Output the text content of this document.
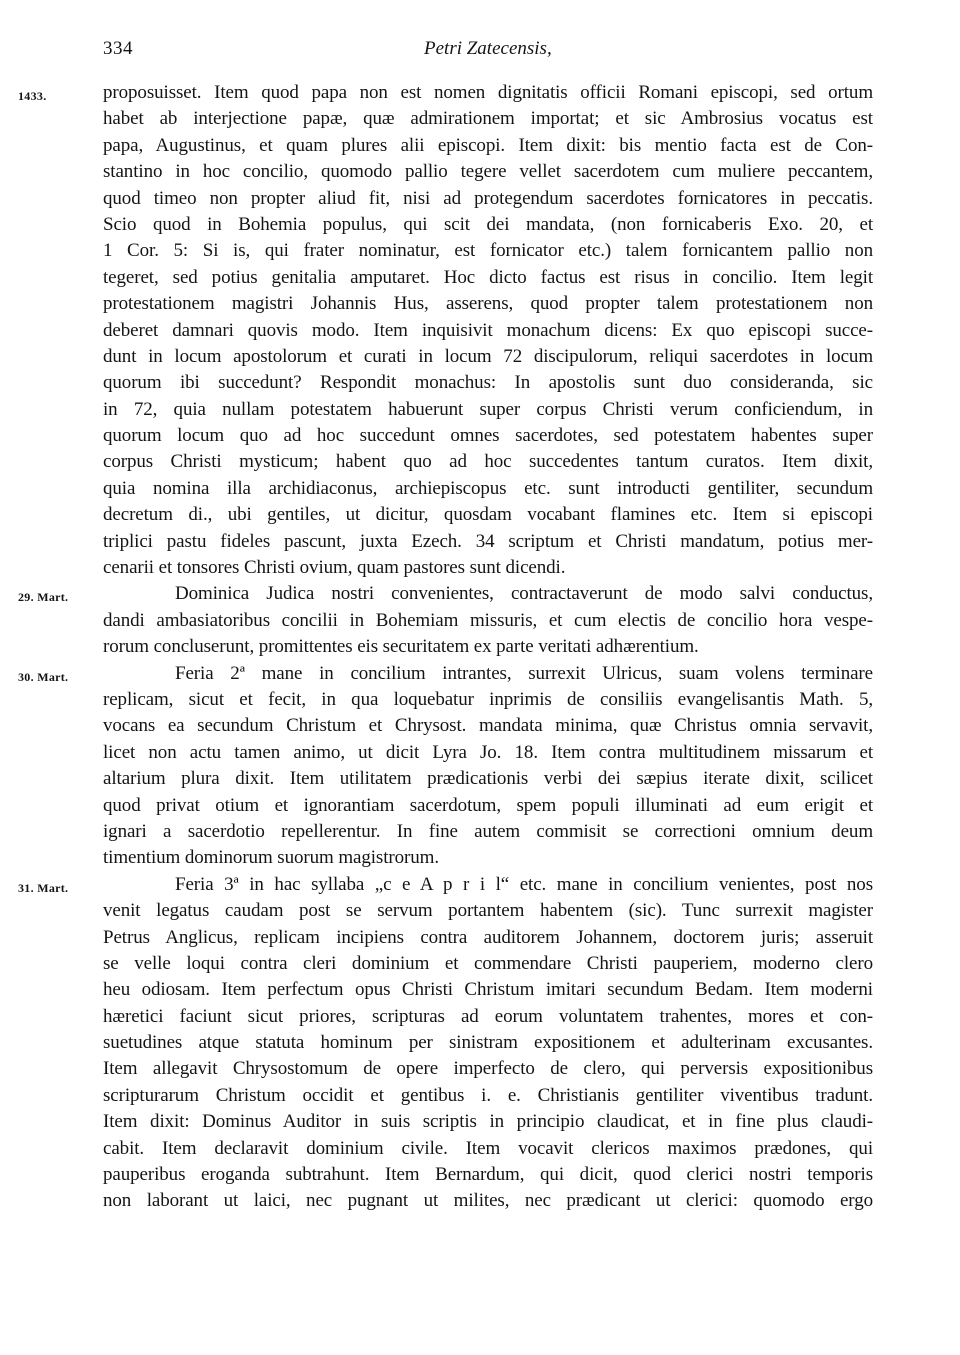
334	Petri Zatecensis,
1433.	proposuisset. Item quod papa non est nomen dignitatis officii Romani episcopi, sed ortum
habet ab interjectione papæ, quæ admirationem importat; et sic Ambrosius vocatus est
papa, Augustinus, et quam plures alii episcopi. Item dixit: bis mentio facta est de Con-
stantino in hoc concilio, quomodo pallio tegere vellet sacerdotem cum muliere peccantem,
quod timeo non propter aliud fit, nisi ad protegendum sacerdotes fornicatores in peccatis.
Scio quod in Bohemia populus, qui scit dei mandata, (non fornicaberis Exo. 20, et
1 Cor. 5: Si is, qui frater nominatur, est fornicator etc.) talem fornicantem pallio non
tegeret, sed potius genitalia amputaret. Hoc dicto factus est risus in concilio. Item legit
protestationem magistri Johannis Hus, asserens, quod propter talem protestationem non
deberet damnari quovis modo. Item inquisivit monachum dicens: Ex quo episcopi succe-
dunt in locum apostolorum et curati in locum 72 discipulorum, reliqui sacerdotes in locum
quorum ibi succedunt? Respondit monachus: In apostolis sunt duo consideranda, sic
in 72, quia nullam potestatem habuerunt super corpus Christi verum conficiendum, in
quorum locum quo ad hoc succedunt omnes sacerdotes, sed potestatem habentes super
corpus Christi mysticum; habent quo ad hoc succedentes tantum curatos. Item dixit,
quia nomina illa archidiaconus, archiepiscopus etc. sunt introducti gentiliter, secundum
decretum di., ubi gentiles, ut dicitur, quosdam vocabant flamines etc. Item si episcopi
triplici pastu fideles pascunt, juxta Ezech. 34 scriptum et Christi mandatum, potius mer-
cenarii et tonsores Christi ovium, quam pastores sunt dicendi.
29. Mart.	Dominica Judica nostri convenientes, contractaverunt de modo salvi conductus,
dandi ambasiatoribus concilii in Bohemiam missuris, et cum electis de concilio hora vespe-
rorum concluserunt, promittentes eis securitatem ex parte veritati adhærentium.
30. Mart.	Feria 2ª mane in concilium intrantes, surrexit Ulricus, suam volens terminare
replicam, sicut et fecit, in qua loquebatur inprimis de consiliis evangelisantis Math. 5,
vocans ea secundum Christum et Chrysost. mandata minima, quæ Christus omnia servavit,
licet non actu tamen animo, ut dicit Lyra Jo. 18. Item contra multitudinem missarum et
altarium plura dixit. Item utilitatem prædicationis verbi dei sæpius iterate dixit, scilicet
quod privat otium et ignorantiam sacerdotum, spem populi illuminati ad eum erigit et
ignari a sacerdotio repellerentur. In fine autem commisit se correctioni omnium deum
timentium dominorum suorum magistrorum.
31. Mart.	Feria 3ª in hac syllaba „c e A p r i l“ etc. mane in concilium venientes, post nos
venit legatus caudam post se servum portantem habentem (sic). Tunc surrexit magister
Petrus Anglicus, replicam incipiens contra auditorem Johannem, doctorem juris; asseruit
se velle loqui contra cleri dominium et commendare Christi pauperiem, moderno clero
heu odiosam. Item perfectum opus Christi Christum imitari secundum Bedam. Item moderni
hæretici faciunt sicut priores, scripturas ad eorum voluntatem trahentes, mores et con-
suetudines atque statuta hominum per sinistram expositionem et adulterinam excusantes.
Item allegavit Chrysostomum de opere imperfecto de clero, qui perversis expositionibus
scripturarum Christum occidit et gentibus i. e. Christianis gentiliter viventibus tradunt.
Item dixit: Dominus Auditor in suis scriptis in principio claudicat, et in fine plus claudi-
cabit. Item declaravit dominium civile. Item vocavit clericos maximos prædones, qui
pauperibus eroganda subtrahunt. Item Bernardum, qui dicit, quod clerici nostri temporis
non laborant ut laici, nec pugnant ut milites, nec prædicant ut clerici: quomodo ergo
